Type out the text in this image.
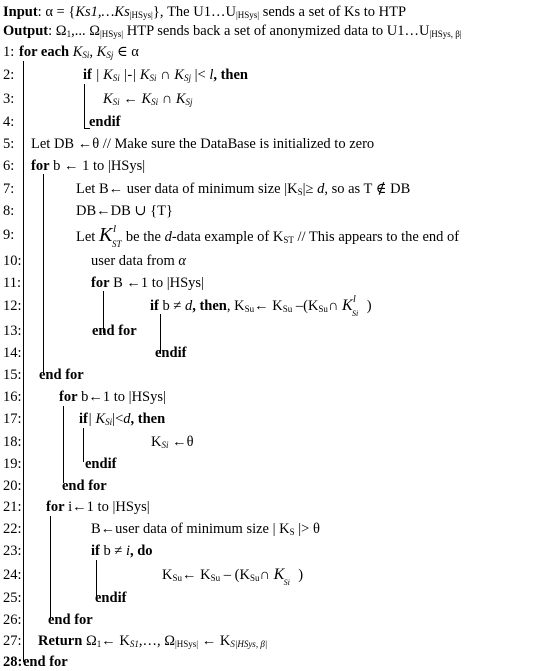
Input: $\alpha = \{Ks1,\dots Ks_{|HSys|}\}$, The $U1\dots U_{|HSys|}$ sends a set of Ks to HTP
Output: $\Omega_1$,... $\Omega_{|HSys|}$ HTP sends back a set of anonymized data to $U1\dots U_{|HSys, \beta|}$
1: for each $K_{Si}$, $K_{Sj}$ ∈ α
2:	if | $K_{Si}$ |-| $K_{Si}$ ∩ $K_{Sj}$ |< l, then
3:	$K_{Si}$ ← $K_{Si}$ ∩ $K_{Sj}$
4:	endif
5:	Let DB ←θ // Make sure the DataBase is initialized to zero
6:	for b ← 1 to |HSys|
7:	Let B← user data of minimum size $|K_S|\ge d$, so as T ∉ DB
8:	DB←DB ∪ {T}
9:	Let K l
ST be the d-data example of $K_{ST}$ // This appears to the end of
10:	user data from α
11:	for B ←1 to |HSys|
12:	if b ≠ d, then, $K_{Su}\leftarrow$ $K_{Su}$ $-(K_{Su}\cap$ K l
Si )
13:	end for
14:	endif
15:	end for
16:	for b←1 to |HSys|
17:	if| $K_{Si}|<d$, then
18:	$K_{Si}$ ←θ
19:	endif
20:	end for
21:	for i←1 to |HSys|
22:	B←user data of minimum size | $K_S$ |> θ
23:	if b ≠ i, do
24:	$K_{Su}\leftarrow$ $K_{Su}$ – ($K_{Su}\cap$ K Si )
25:	endif
26:	end for
27:	Return $\Omega_1\leftarrow$ $K_{S1},\dots$, $\Omega_{|HSys|}$ ← $K_{S|HSys, \beta|}$
28: end for
